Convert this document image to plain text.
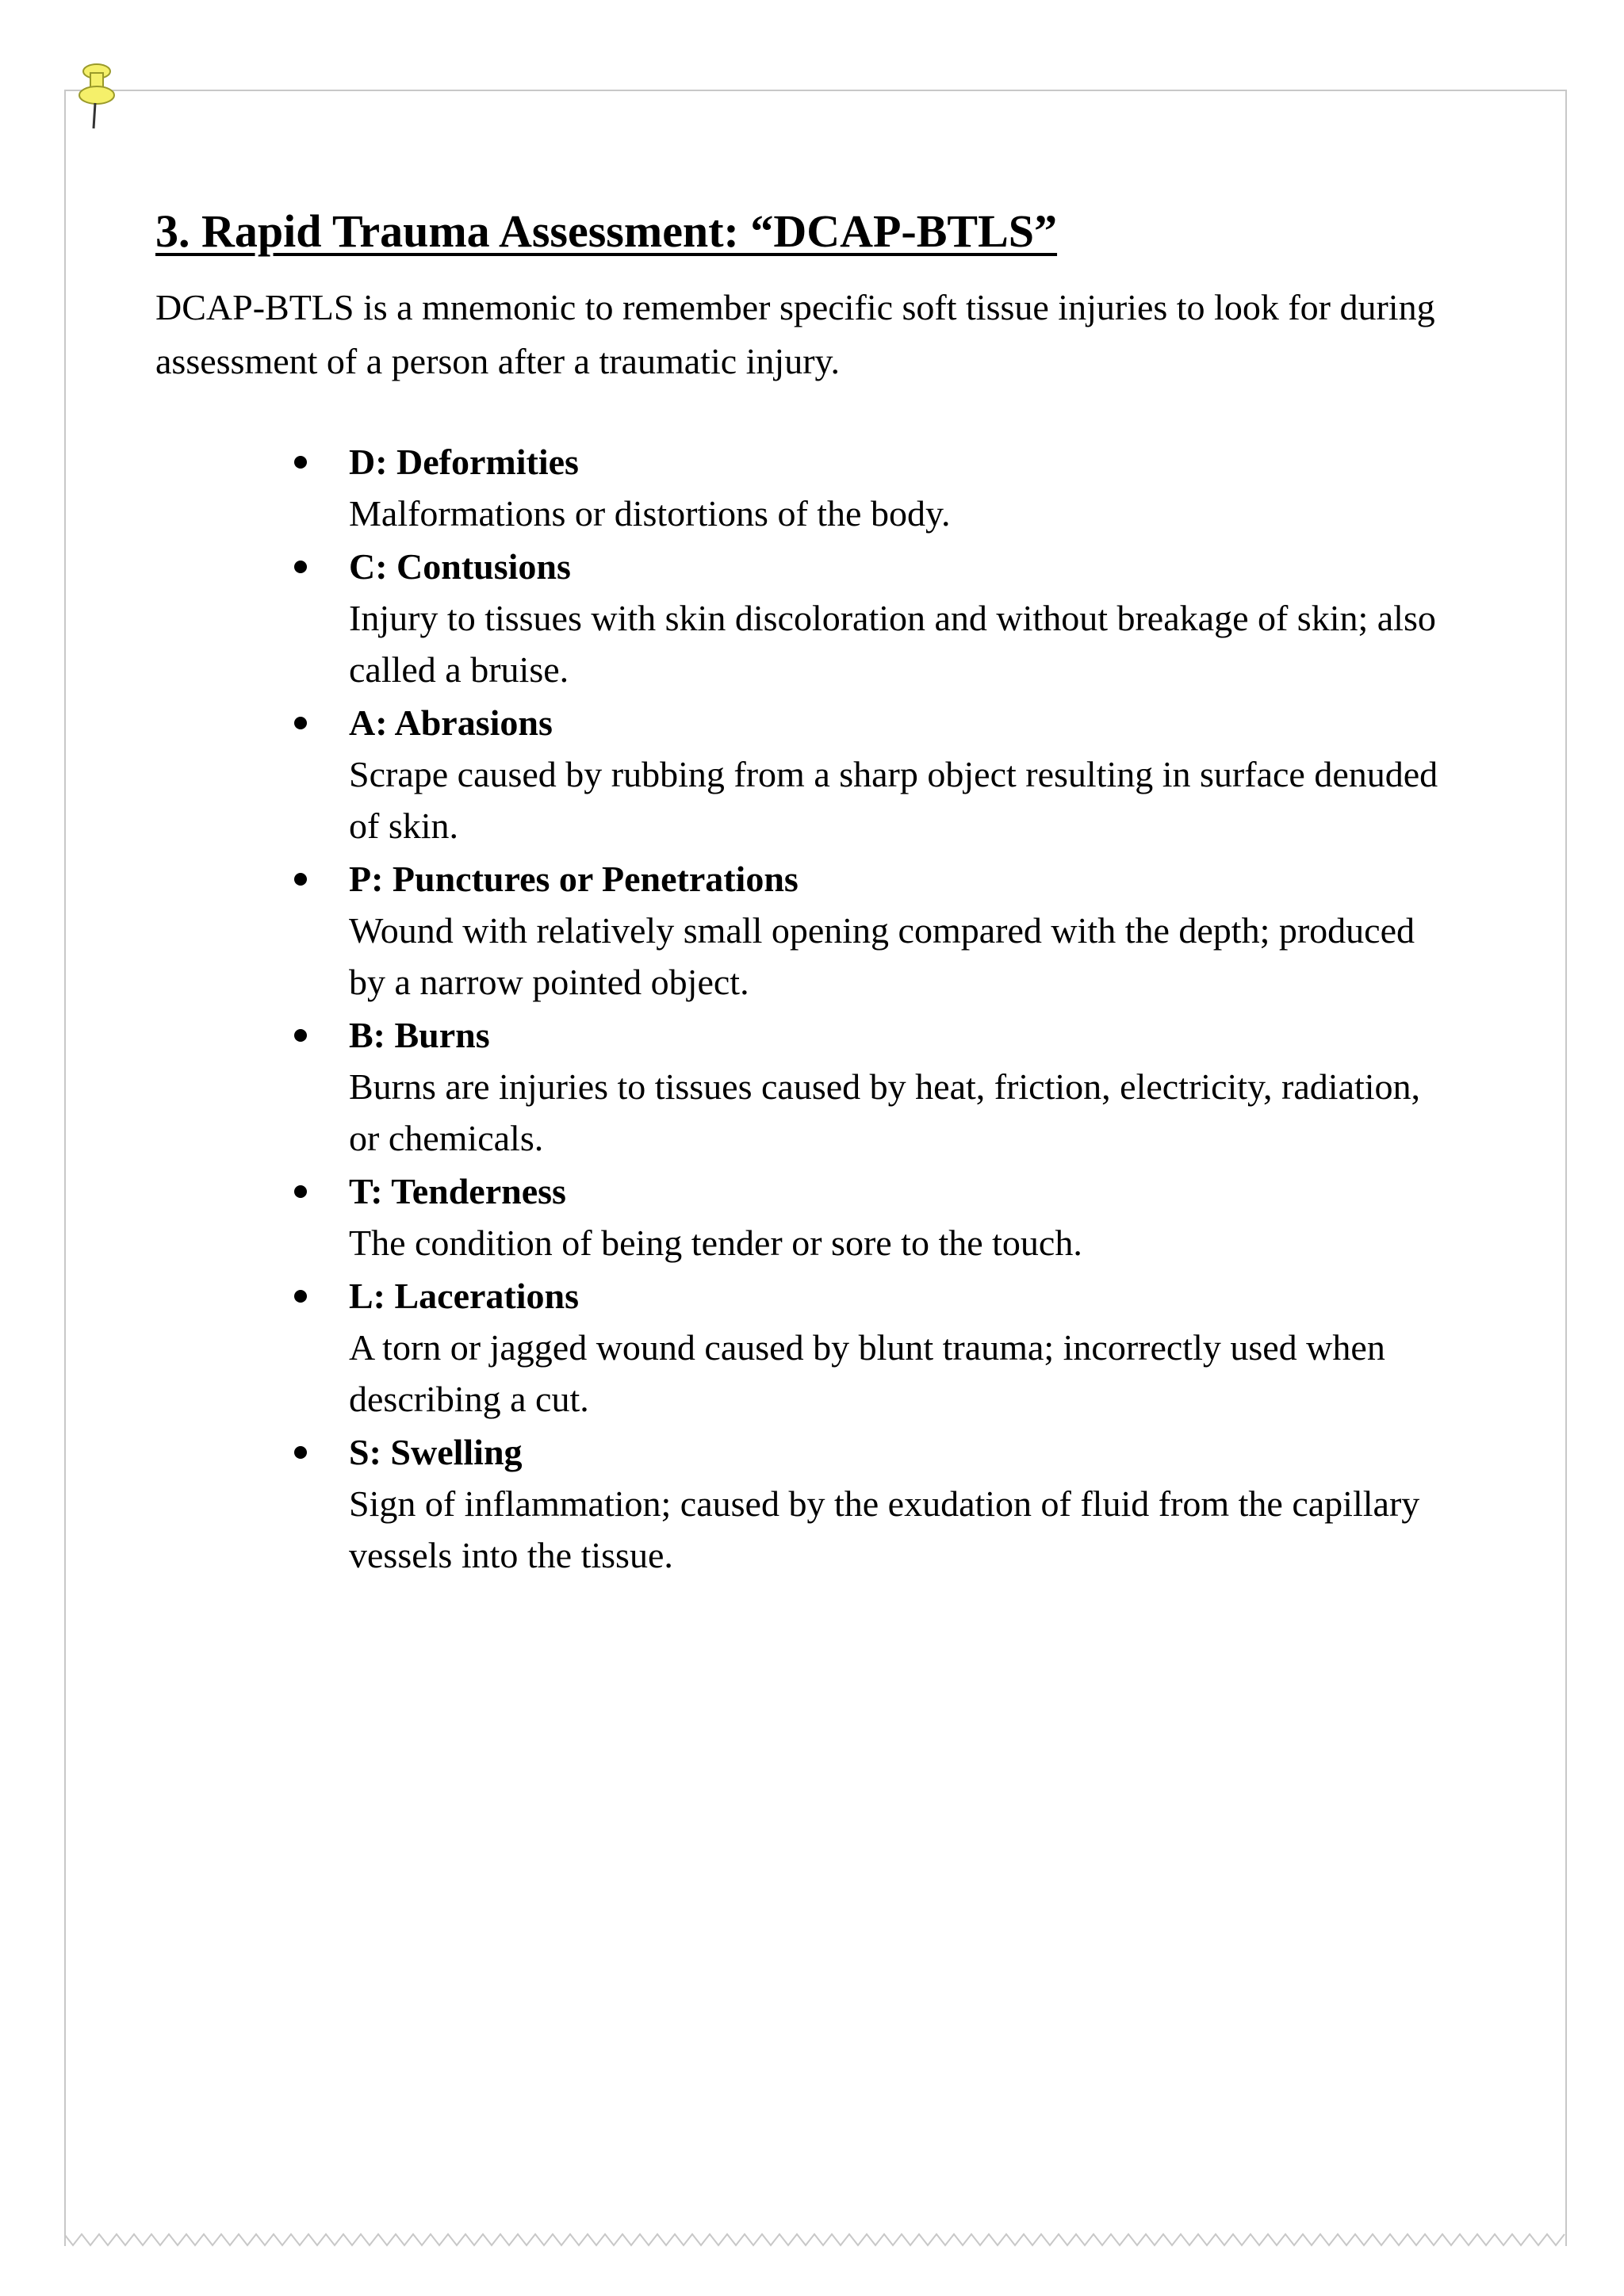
3. Rapid Trauma Assessment: “DCAP-BTLS”

DCAP-BTLS is a mnemonic to remember specific soft tissue injuries to look for during assessment of a person after a traumatic injury.

D: Deformities
Malformations or distortions of the body.
C: Contusions
Injury to tissues with skin discoloration and without breakage of skin; also called a bruise.
A: Abrasions
Scrape caused by rubbing from a sharp object resulting in surface denuded of skin.
P: Punctures or Penetrations
Wound with relatively small opening compared with the depth; produced by a narrow pointed object.
B: Burns
Burns are injuries to tissues caused by heat, friction, electricity, radiation, or chemicals.
T: Tenderness
The condition of being tender or sore to the touch.
L: Lacerations
A torn or jagged wound caused by blunt trauma; incorrectly used when describing a cut.
S: Swelling
Sign of inflammation; caused by the exudation of fluid from the capillary vessels into the tissue.
